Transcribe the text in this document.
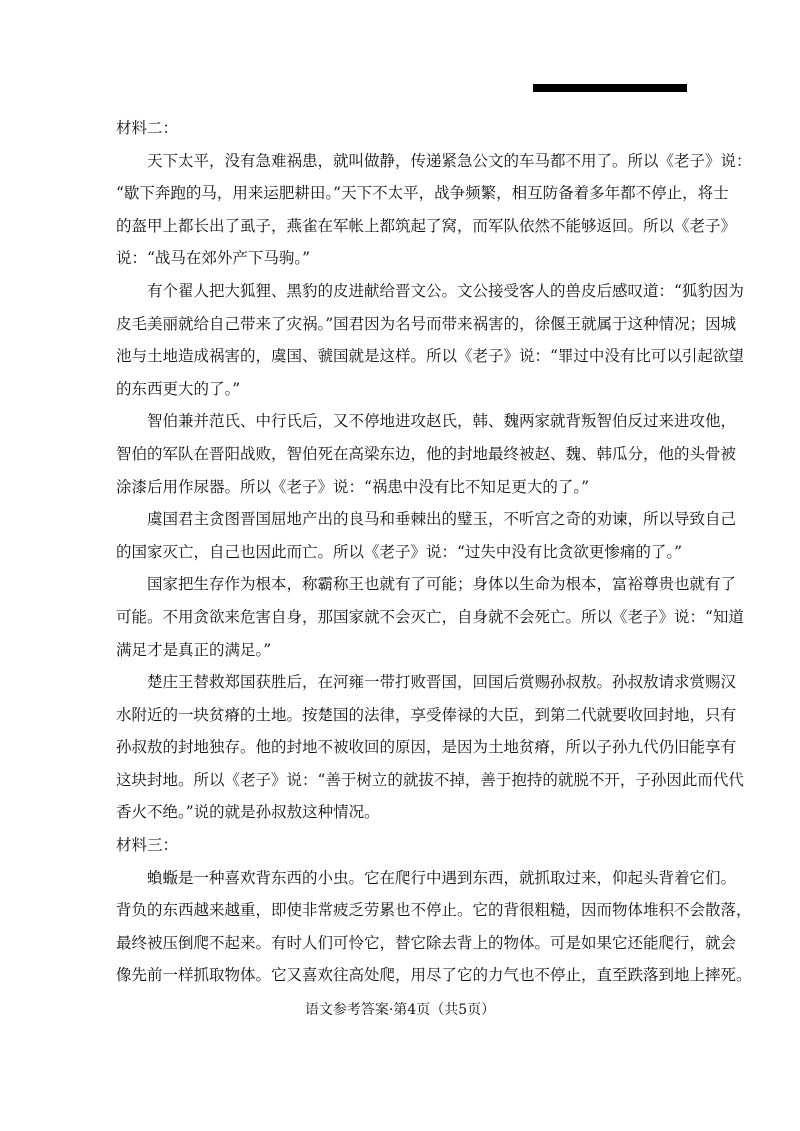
材料二：
天下太平，没有急难祸患，就叫做静，传递紧急公文的车马都不用了。所以《老子》说：
“歇下奔跑的马，用来运肥耕田。”天下不太平，战争频繁，相互防备着多年都不停止，将士
的盔甲上都长出了虱子，燕雀在军帐上都筑起了窝，而军队依然不能够返回。所以《老子》
说：“战马在郊外产下马驹。”
有个翟人把大狐狸、黑豹的皮进献给晋文公。文公接受客人的兽皮后感叹道：“狐豹因为
皮毛美丽就给自己带来了灾祸。”国君因为名号而带来祸害的，徐偃王就属于这种情况；因城
池与土地造成祸害的，虞国、虢国就是这样。所以《老子》说：“罪过中没有比可以引起欲望
的东西更大的了。”
智伯兼并范氏、中行氏后，又不停地进攻赵氏，韩、魏两家就背叛智伯反过来进攻他，
智伯的军队在晋阳战败，智伯死在高梁东边，他的封地最终被赵、魏、韩瓜分，他的头骨被
涂漆后用作尿器。所以《老子》说：“祸患中没有比不知足更大的了。”
虞国君主贪图晋国屈地产出的良马和垂棘出的璧玉，不听宫之奇的劝谏，所以导致自己
的国家灭亡，自己也因此而亡。所以《老子》说：“过失中没有比贪欲更惨痛的了。”
国家把生存作为根本，称霸称王也就有了可能；身体以生命为根本，富裕尊贵也就有了
可能。不用贪欲来危害自身，那国家就不会灭亡，自身就不会死亡。所以《老子》说：“知道
满足才是真正的满足。”
楚庄王替救郑国获胜后，在河雍一带打败晋国，回国后赏赐孙叔敖。孙叔敖请求赏赐汉
水附近的一块贫瘠的土地。按楚国的法律，享受俸禄的大臣，到第二代就要收回封地，只有
孙叔敖的封地独存。他的封地不被收回的原因，是因为土地贫瘠，所以子孙九代仍旧能享有
这块封地。所以《老子》说：“善于树立的就拔不掉，善于抱持的就脱不开，子孙因此而代代
香火不绝。”说的就是孙叔敖这种情况。
材料三：
蝜蝂是一种喜欢背东西的小虫。它在爬行中遇到东西，就抓取过来，仰起头背着它们。
背负的东西越来越重，即使非常疲乏劳累也不停止。它的背很粗糙，因而物体堆积不会散落，
最终被压倒爬不起来。有时人们可怜它，替它除去背上的物体。可是如果它还能爬行，就会
像先前一样抓取物体。它又喜欢往高处爬，用尽了它的力气也不停止，直至跌落到地上摔死。
语文参考答案·第4页（共5页）
